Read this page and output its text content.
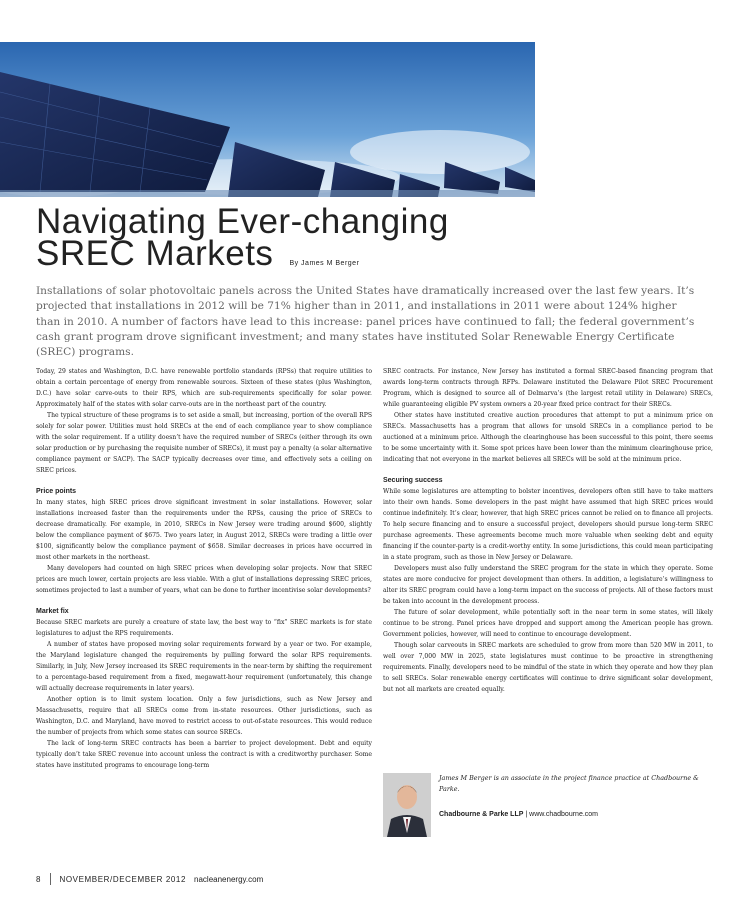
Navigating Ever-changing
SREC Markets By James M Berger
Installations of solar photovoltaic panels across the United States have dramatically increased over the last few years. It’s projected that installations in 2012 will be 71% higher than in 2011, and installations in 2011 were about 124% higher than in 2010. A number of factors have lead to this increase: panel prices have continued to fall; the federal government’s cash grant program drove significant investment; and many states have instituted Solar Renewable Energy Certificate (SREC) programs.

Today, 29 states and Washington, D.C. have renewable portfolio standards (RPSs) that require utilities to obtain a certain percentage of energy from renewable sources. Sixteen of these states (plus Washington, D.C.) have solar carve-outs to their RPS, which are sub-requirements specifically for solar power. Approximately half of the states with solar carve-outs are in the northeast part of the country.

The typical structure of these programs is to set aside a small, but increasing, portion of the overall RPS solely for solar power. Utilities must hold SRECs at the end of each compliance year to show compliance with the solar requirement. If a utility doesn’t have the required number of SRECs (either through its own solar production or by purchasing the requisite number of SRECs), it must pay a penalty (a solar alternative compliance payment or SACP). The SACP typically decreases over time, and effectively sets a ceiling on SREC prices.

Price points

In many states, high SREC prices drove significant investment in solar installations. However, solar installations increased faster than the requirements under the RPSs, causing the price of SRECs to decrease dramatically. For example, in 2010, SRECs in New Jersey were trading around $600, slightly below the compliance payment of $675. Two years later, in August 2012, SRECs were trading a little over $100, significantly below the compliance payment of $658. Similar decreases in prices have occurred in most other markets in the northeast.

Many developers had counted on high SREC prices when developing solar projects. Now that SREC prices are much lower, certain projects are less viable. With a glut of installations depressing SREC prices, sometimes projected to last a number of years, what can be done to further incentivise solar developments?

Market fix

Because SREC markets are purely a creature of state law, the best way to “fix” SREC markets is for state legislatures to adjust the RPS requirements.

A number of states have proposed moving solar requirements forward by a year or two. For example, the Maryland legislature changed the requirements by pulling forward the solar RPS requirements. Similarly, in July, New Jersey increased its SREC requirements in the near-term by shifting the requirement to a percentage-based requirement from a fixed, megawatt-hour requirement (unfortunately, this change will actually decrease requirements in later years).

Another option is to limit system location. Only a few jurisdictions, such as New Jersey and Massachusetts, require that all SRECs come from in-state resources. Other jurisdictions, such as Washington, D.C. and Maryland, have moved to restrict access to out-of-state resources. This would reduce the number of projects from which some states can source SRECs.

The lack of long-term SREC contracts has been a barrier to project development. Debt and equity typically don’t take SREC revenue into account unless the contract is with a creditworthy purchaser. Some states have instituted programs to encourage long-term

SREC contracts. For instance, New Jersey has instituted a formal SREC-based financing program that awards long-term contracts through RFPs. Delaware instituted the Delaware Pilot SREC Procurement Program, which is designed to source all of Delmarva’s (the largest retail utility in Delaware) SRECs, while guaranteeing eligible PV system owners a 20-year fixed price contract for their SRECs.

Other states have instituted creative auction procedures that attempt to put a minimum price on SRECs. Massachusetts has a program that allows for unsold SRECs in a compliance period to be auctioned at a minimum price. Although the clearinghouse has been successful to this point, there seems to be some uncertainty with it. Some spot prices have been lower than the minimum clearinghouse price, indicating that not everyone in the market believes all SRECs will be sold at the minimum price.

Securing success

While some legislatures are attempting to bolster incentives, developers often still have to take matters into their own hands. Some developers in the past might have assumed that high SREC prices would continue indefinitely. It’s clear, however, that high SREC prices cannot be relied on to finance all projects. To help secure financing and to ensure a successful project, developers should pursue long-term SREC purchase agreements. These agreements become much more valuable when seeking debt and equity financing if the counter-party is a credit-worthy entity. In some jurisdictions, this could mean participating in a state program, such as those in New Jersey or Delaware.

Developers must also fully understand the SREC program for the state in which they operate. Some states are more conducive for project development than others. In addition, a legislature’s willingness to alter its SREC program could have a long-term impact on the success of projects. All of these factors must be taken into account in the development process.

The future of solar development, while potentially soft in the near term in some states, will likely continue to be strong. Panel prices have dropped and support among the American people has grown. Government policies, however, will need to continue to encourage development.

Though solar carveouts in SREC markets are scheduled to grow from more than 520 MW in 2011, to well over 7,000 MW in 2025, state legislatures must continue to be proactive in strengthening requirements. Finally, developers need to be mindful of the state in which they operate and how they plan to sell SRECs. Solar renewable energy certificates will continue to drive significant solar development, but not all markets are created equally.

James M Berger is an associate in the project finance practice at Chadbourne & Parke.
Chadbourne & Parke LLP | www.chadbourne.com
8 NOVEMBER/DECEMBER 2012 nacleanenergy.com
